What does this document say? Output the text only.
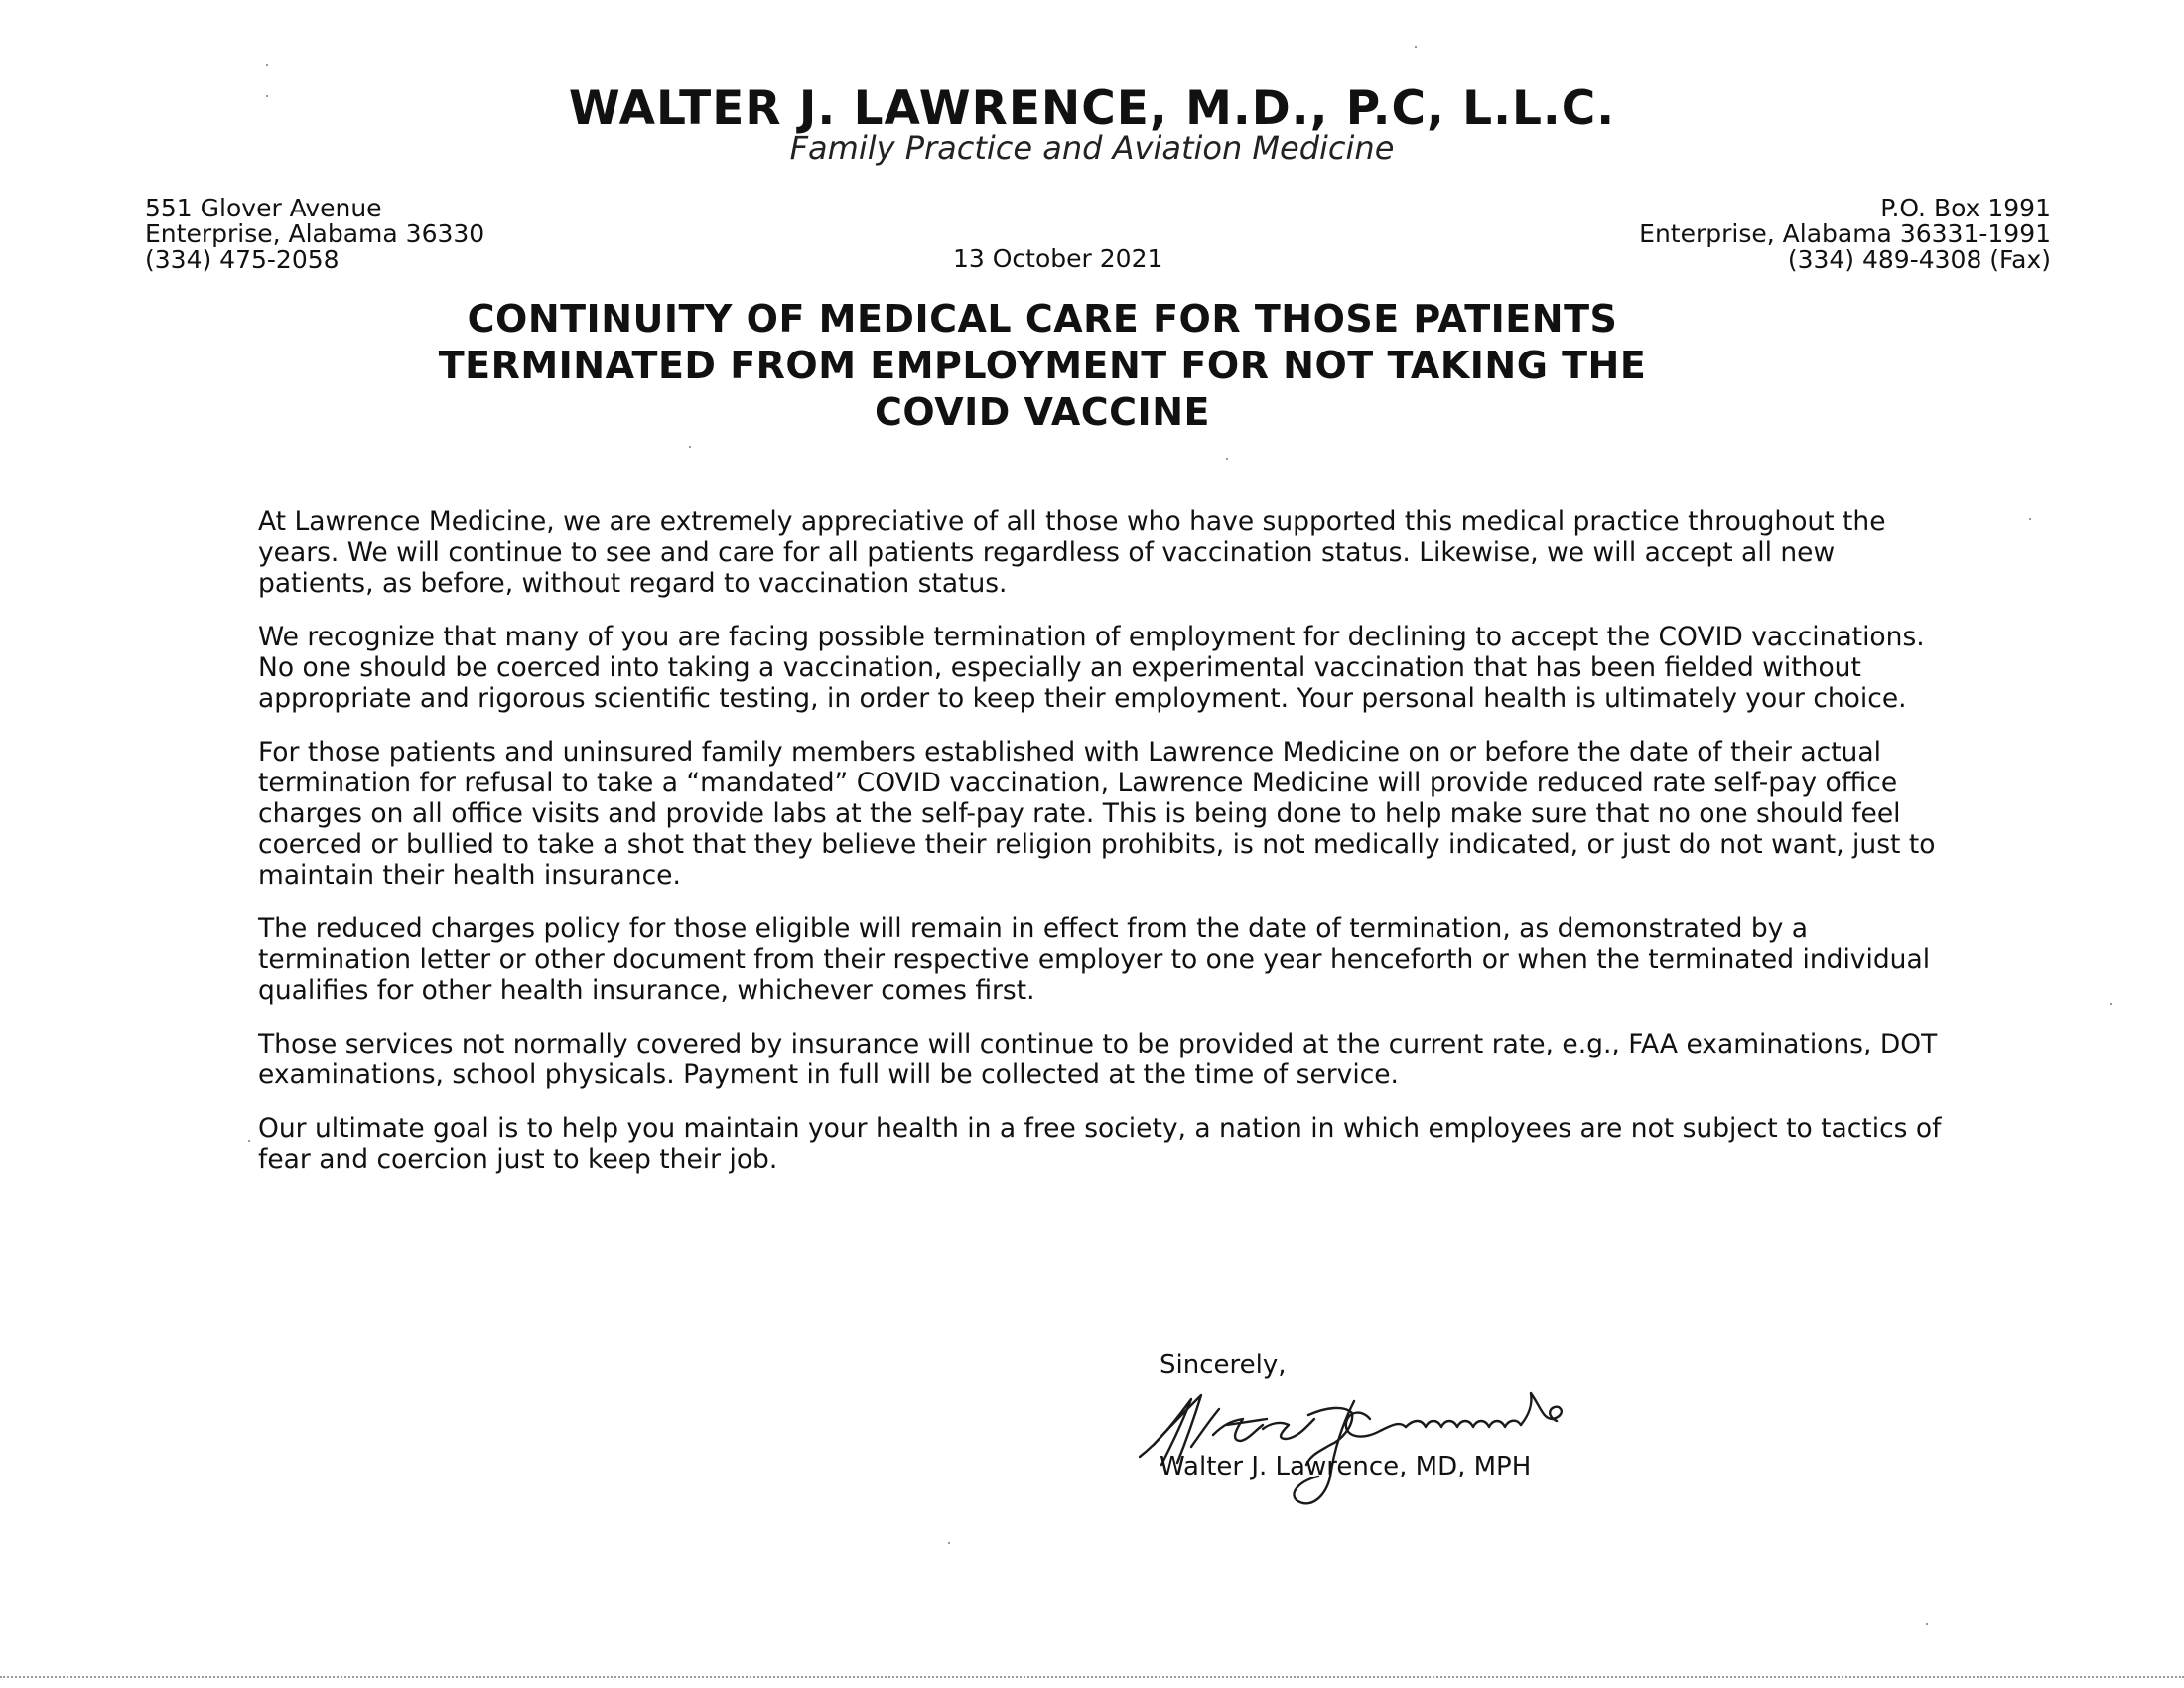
WALTER J. LAWRENCE, M.D., P.C, L.L.C.
Family Practice and Aviation Medicine
551 Glover Avenue
Enterprise, Alabama 36330
(334) 475-2058	13 October 2021
P.O. Box 1991
Enterprise, Alabama 36331-1991
(334) 489-4308 (Fax)
CONTINUITY OF MEDICAL CARE FOR THOSE PATIENTS
TERMINATED FROM EMPLOYMENT FOR NOT TAKING THE
COVID VACCINE

At Lawrence Medicine, we are extremely appreciative of all those who have supported this medical practice throughout the years. We will continue to see and care for all patients regardless of vaccination status. Likewise, we will accept all new patients, as before, without regard to vaccination status.

We recognize that many of you are facing possible termination of employment for declining to accept the COVID vaccinations. No one should be coerced into taking a vaccination, especially an experimental vaccination that has been fielded without appropriate and rigorous scientific testing, in order to keep their employment. Your personal health is ultimately your choice.

For those patients and uninsured family members established with Lawrence Medicine on or before the date of their actual termination for refusal to take a “mandated” COVID vaccination, Lawrence Medicine will provide reduced rate self-pay office charges on all office visits and provide labs at the self-pay rate. This is being done to help make sure that no one should feel coerced or bullied to take a shot that they believe their religion prohibits, is not medically indicated, or just do not want, just to maintain their health insurance.

The reduced charges policy for those eligible will remain in effect from the date of termination, as demonstrated by a termination letter or other document from their respective employer to one year henceforth or when the terminated individual qualifies for other health insurance, whichever comes first.

Those services not normally covered by insurance will continue to be provided at the current rate, e.g., FAA examinations, DOT examinations, school physicals. Payment in full will be collected at the time of service.

Our ultimate goal is to help you maintain your health in a free society, a nation in which employees are not subject to tactics of fear and coercion just to keep their job.

Sincerely,
Walter J. Lawrence, MD, MPH
